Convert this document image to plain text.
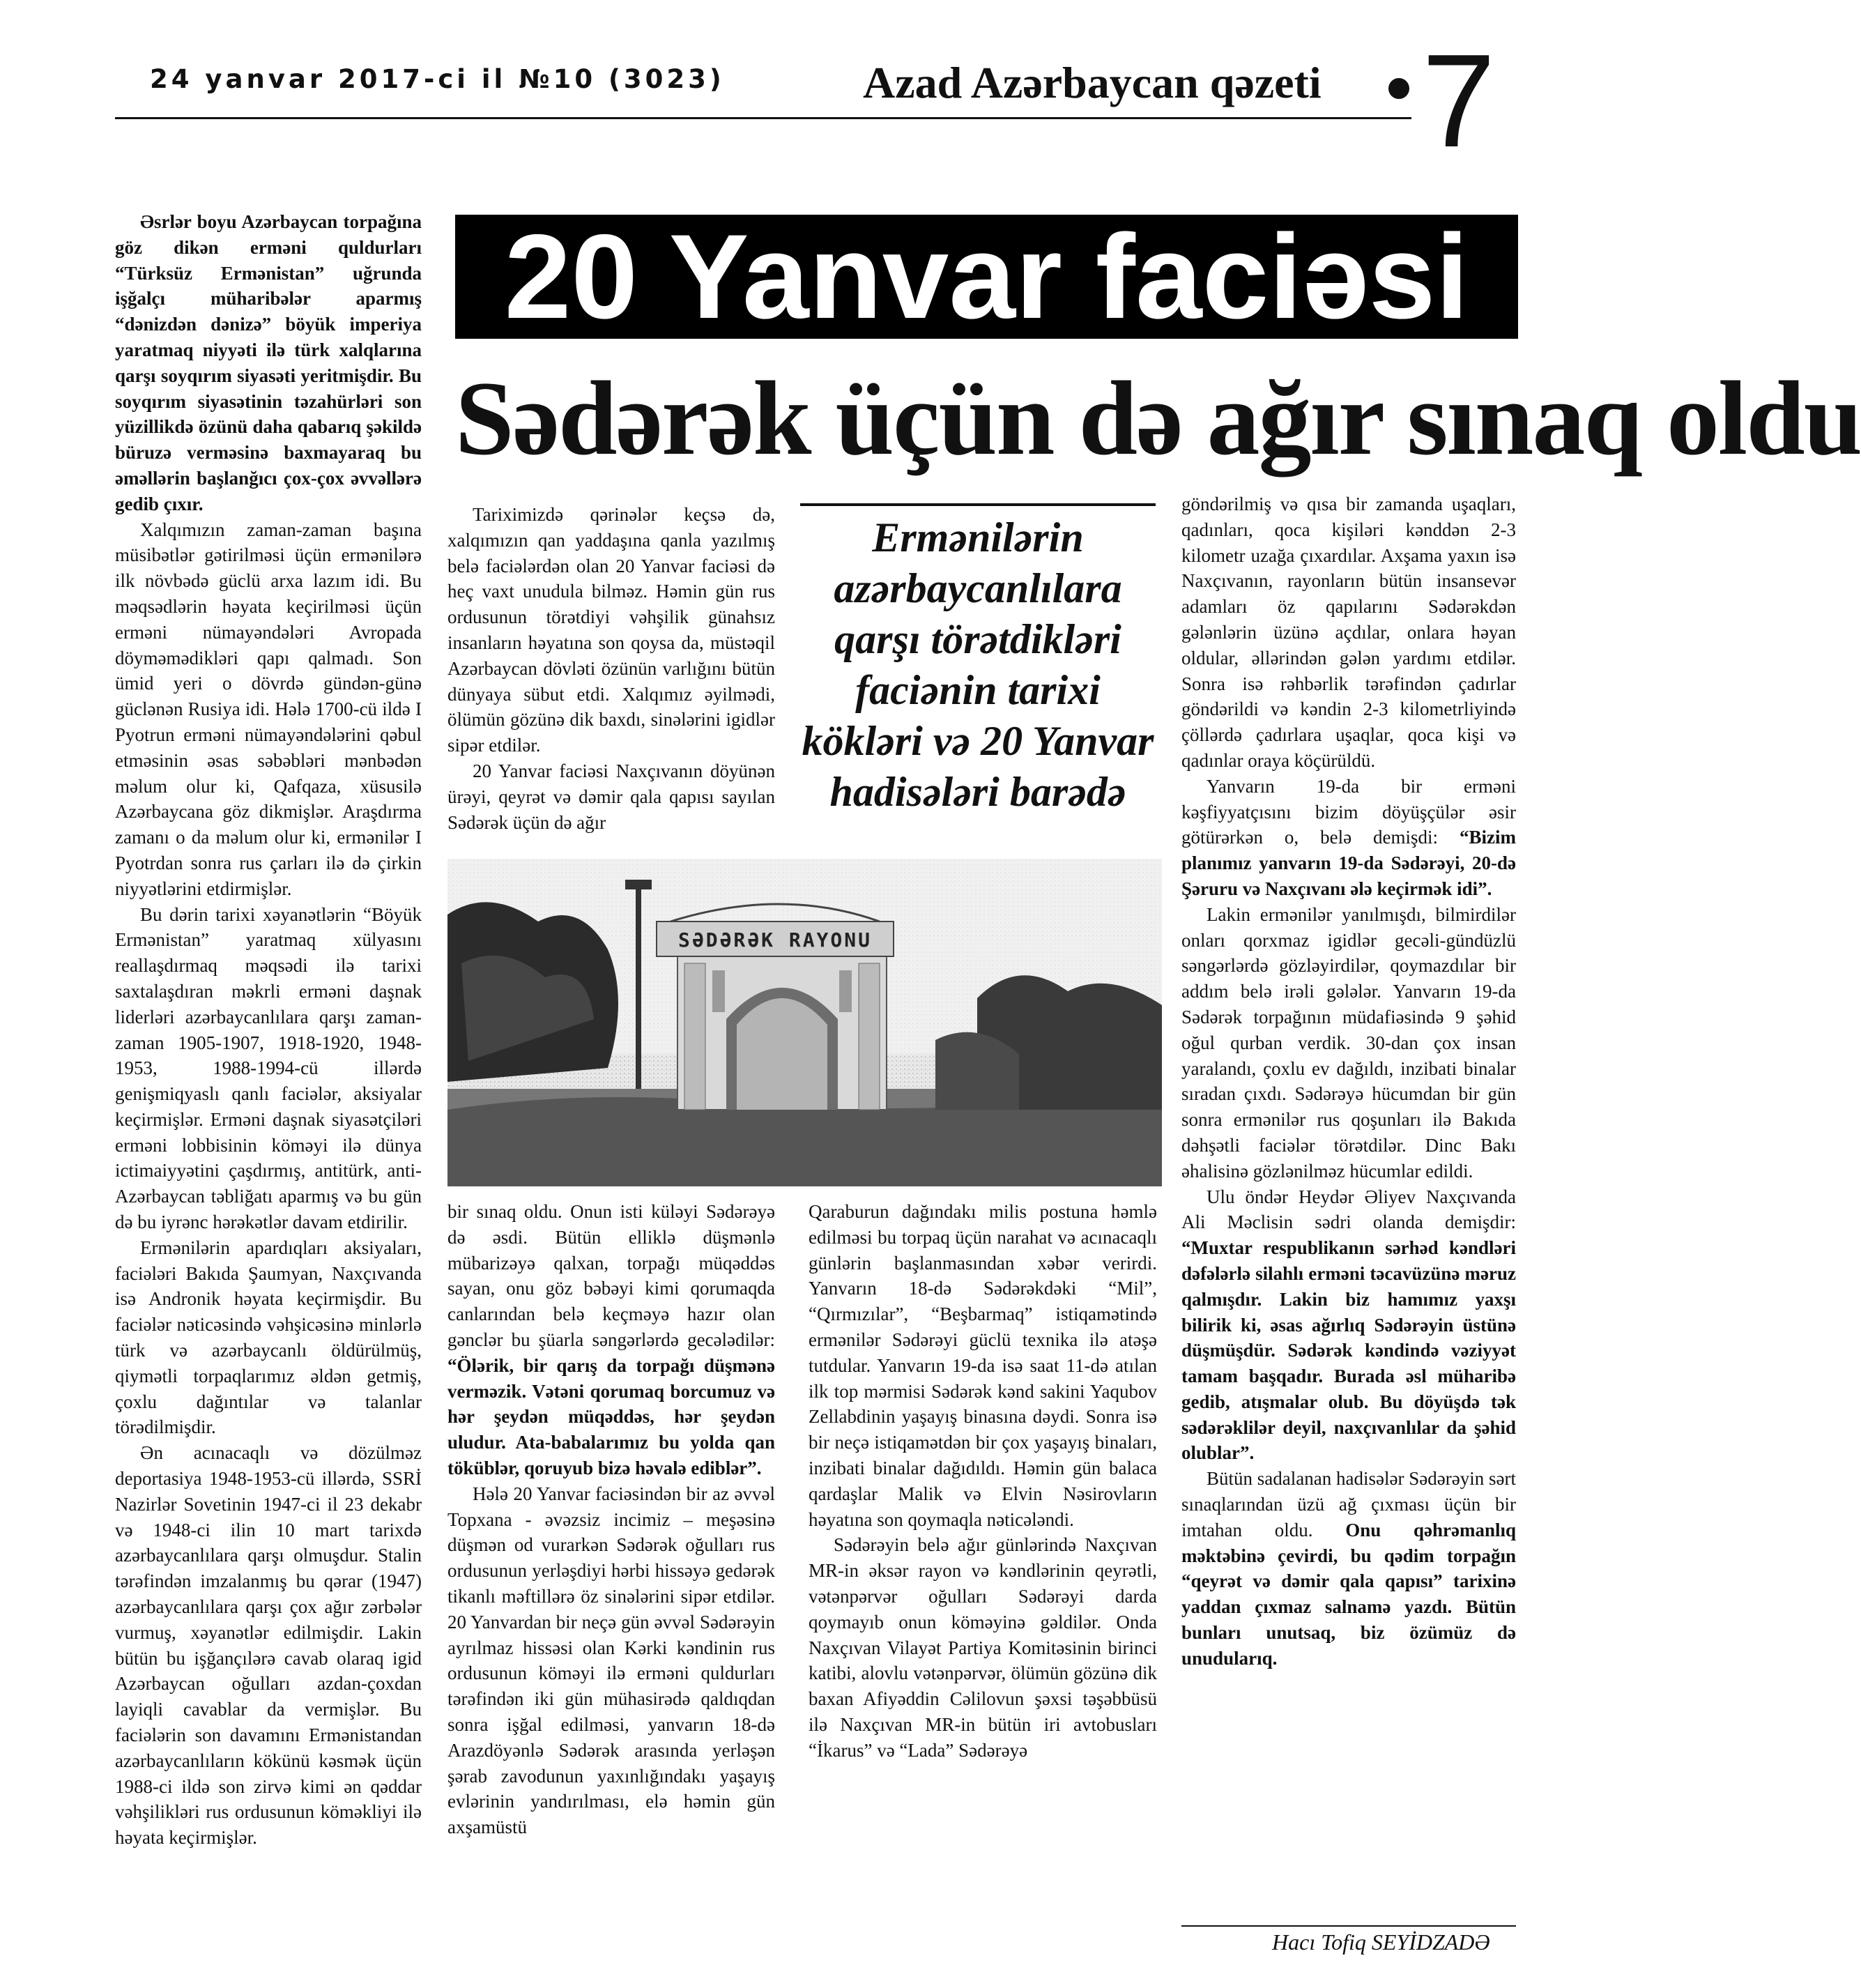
24 yanvar 2017-ci il №10 (3023)	Azad Azərbaycan qəzeti 7
20 Yanvar faciəsi
Sədərək üçün də ağır sınaq oldu

Əsrlər boyu Azərbaycan torpağına göz dikən erməni quldurları “Türksüz Ermənistan” uğrunda işğalçı müharibələr aparmış “dənizdən dənizə” böyük imperiya yaratmaq niyyəti ilə türk xalqlarına qarşı soyqırım siyasəti yeritmişdir. Bu soyqırım siyasətinin təzahürləri son yüzillikdə özünü daha qabarıq şəkildə büruzə verməsinə baxmayaraq bu əməllərin başlanğıcı çox-çox əvvəllərə gedib çıxır.

Xalqımızın zaman-zaman başına müsibətlər gətirilməsi üçün ermənilərə ilk növbədə güclü arxa lazım idi. Bu məqsədlərin həyata keçirilməsi üçün erməni nümayəndələri Avropada döyməmədikləri qapı qalmadı. Son ümid yeri o dövrdə gündən-günə güclənən Rusiya idi. Hələ 1700-cü ildə I Pyotrun erməni nümayəndələrini qəbul etməsinin əsas səbəbləri mənbədən məlum olur ki, Qafqaza, xüsusilə Azərbaycana göz dikmişlər. Araşdırma zamanı o da məlum olur ki, ermənilər I Pyotrdan sonra rus çarları ilə də çirkin niyyətlərini etdirmişlər.

Bu dərin tarixi xəyanətlərin “Böyük Ermənistan” yaratmaq xülyasını reallaşdırmaq məqsədi ilə tarixi saxtalaşdıran məkrli erməni daşnak liderləri azərbaycanlılara qarşı zaman-zaman 1905-1907, 1918-1920, 1948-1953, 1988-1994-cü illərdə genişmiqyaslı qanlı faciələr, aksiyalar keçirmişlər. Erməni daşnak siyasətçiləri erməni lobbisinin köməyi ilə dünya ictimaiyyətini çaşdırmış, antitürk, anti-Azərbaycan təbliğatı aparmış və bu gün də bu iyrənc hərəkətlər davam etdirilir.

Ermənilərin apardıqları aksiyaları, faciələri Bakıda Şaumyan, Naxçıvanda isə Andronik həyata keçirmişdir. Bu faciələr nəticəsində vəhşicəsinə minlərlə türk və azərbaycanlı öldürülmüş, qiymətli torpaqlarımız əldən getmiş, çoxlu dağıntılar və talanlar törədilmişdir.

Ən acınacaqlı və dözülməz deportasiya 1948-1953-cü illərdə, SSRİ Nazirlər Sovetinin 1947-ci il 23 dekabr və 1948-ci ilin 10 mart tarixdə azərbaycanlılara qarşı olmuşdur. Stalin tərəfindən imzalanmış bu qərar (1947) azərbaycanlılara qarşı çox ağır zərbələr vurmuş, xəyanətlər edilmişdir. Lakin bütün bu işğançılərə cavab olaraq igid Azərbaycan oğulları azdan-çoxdan layiqli cavablar da vermişlər. Bu faciələrin son davamını Ermənistandan azərbaycanlıların kökünü kəsmək üçün 1988-ci ildə son zirvə kimi ən qəddar vəhşilikləri rus ordusunun köməkliyi ilə həyata keçirmişlər.

Tariximizdə qərinələr keçsə də, xalqımızın qan yaddaşına qanla yazılmış belə faciələrdən olan 20 Yanvar faciəsi də heç vaxt unudula bilməz. Həmin gün rus ordusunun törətdiyi vəhşilik günahsız insanların həyatına son qoysa da, müstəqil Azərbaycan dövləti özünün varlığını bütün dünyaya sübut etdi. Xalqımız əyilmədi, ölümün gözünə dik baxdı, sinələrini igidlər sipər etdilər.

20 Yanvar faciəsi Naxçıvanın döyünən ürəyi, qeyrət və dəmir qala qapısı sayılan Sədərək üçün də ağır

Ermənilərin azərbaycanlılara qarşı törətdikləri faciənin tarixi kökləri və 20 Yanvar hadisələri barədə
SƏDƏRƏK RAYONU

bir sınaq oldu. Onun isti küləyi Sədərəyə də əsdi. Bütün elliklə düşmənlə mübarizəyə qalxan, torpağı müqəddəs sayan, onu göz bəbəyi kimi qorumaqda canlarından belə keçməyə hazır olan gənclər bu şüarla səngərlərdə gecələdilər: “Ölərik, bir qarış da torpağı düşmənə verməzik. Vətəni qorumaq borcumuz və hər şeydən müqəddəs, hər şeydən uludur. Ata-babalarımız bu yolda qan töküblər, qoruyub bizə həvalə ediblər”.

Hələ 20 Yanvar faciəsindən bir az əvvəl Topxana - əvəzsiz incimiz – meşəsinə düşmən od vurarkən Sədərək oğulları rus ordusunun yerləşdiyi hərbi hissəyə gedərək tikanlı məftillərə öz sinələrini sipər etdilər. 20 Yanvardan bir neçə gün əvvəl Sədərəyin ayrılmaz hissəsi olan Kərki kəndinin rus ordusunun köməyi ilə erməni quldurları tərəfindən iki gün mühasirədə qaldıqdan sonra işğal edilməsi, yanvarın 18-də Arazdöyənlə Sədərək arasında yerləşən şərab zavodunun yaxınlığındakı yaşayış evlərinin yandırılması, elə həmin gün axşamüstü

Qaraburun dağındakı milis postuna həmlə edilməsi bu torpaq üçün narahat və acınacaqlı günlərin başlanmasından xəbər verirdi. Yanvarın 18-də Sədərəkdəki “Mil”, “Qırmızılar”, “Beşbarmaq” istiqamətində ermənilər Sədərəyi güclü texnika ilə atəşə tutdular. Yanvarın 19-da isə saat 11-də atılan ilk top mərmisi Sədərək kənd sakini Yaqubov Zellabdinin yaşayış binasına dəydi. Sonra isə bir neçə istiqamətdən bir çox yaşayış binaları, inzibati binalar dağıdıldı. Həmin gün balaca qardaşlar Malik və Elvin Nəsirovların həyatına son qoymaqla nəticələndi.

Sədərəyin belə ağır günlərində Naxçıvan MR-in əksər rayon və kəndlərinin qeyrətli, vətənpərvər oğulları Sədərəyi darda qoymayıb onun köməyinə gəldilər. Onda Naxçıvan Vilayət Partiya Komitəsinin birinci katibi, alovlu vətənpərvər, ölümün gözünə dik baxan Afiyəddin Cəlilovun şəxsi təşəbbüsü ilə Naxçıvan MR-in bütün iri avtobusları “İkarus” və “Lada” Sədərəyə

göndərilmiş və qısa bir zamanda uşaqları, qadınları, qoca kişiləri kənddən 2-3 kilometr uzağa çıxardılar. Axşama yaxın isə Naxçıvanın, rayonların bütün insansevər adamları öz qapılarını Sədərəkdən gələnlərin üzünə açdılar, onlara həyan oldular, əllərindən gələn yardımı etdilər. Sonra isə rəhbərlik tərəfindən çadırlar göndərildi və kəndin 2-3 kilometrliyində çöllərdə çadırlara uşaqlar, qoca kişi və qadınlar oraya köçürüldü.

Yanvarın 19-da bir erməni kəşfiyyatçısını bizim döyüşçülər əsir götürərkən o, belə demişdi: “Bizim planımız yanvarın 19-da Sədərəyi, 20-də Şəruru və Naxçıvanı ələ keçirmək idi”.

Lakin ermənilər yanılmışdı, bilmirdilər onları qorxmaz igidlər gecəli-gündüzlü səngərlərdə gözləyirdilər, qoymazdılar bir addım belə irəli gələlər. Yanvarın 19-da Sədərək torpağının müdafiəsində 9 şəhid oğul qurban verdik. 30-dan çox insan yaralandı, çoxlu ev dağıldı, inzibati binalar sıradan çıxdı. Sədərəyə hücumdan bir gün sonra ermənilər rus qoşunları ilə Bakıda dəhşətli faciələr törətdilər. Dinc Bakı əhalisinə gözlənilməz hücumlar edildi.

Ulu öndər Heydər Əliyev Naxçıvanda Ali Məclisin sədri olanda demişdir: “Muxtar respublikanın sərhəd kəndləri dəfələrlə silahlı erməni təcavüzünə məruz qalmışdır. Lakin biz hamımız yaxşı bilirik ki, əsas ağırlıq Sədərəyin üstünə düşmüşdür. Sədərək kəndində vəziyyət tamam başqadır. Burada əsl müharibə gedib, atışmalar olub. Bu döyüşdə tək sədərəklilər deyil, naxçıvanlılar da şəhid olublar”.

Bütün sadalanan hadisələr Sədərəyin sərt sınaqlarından üzü ağ çıxması üçün bir imtahan oldu. Onu qəhrəmanlıq məktəbinə çevirdi, bu qədim torpağın “qeyrət və dəmir qala qapısı” tarixinə yaddan çıxmaz salnamə yazdı. Bütün bunları unutsaq, biz özümüz də unudularıq.

Hacı Tofiq SEYİDZADƏ
